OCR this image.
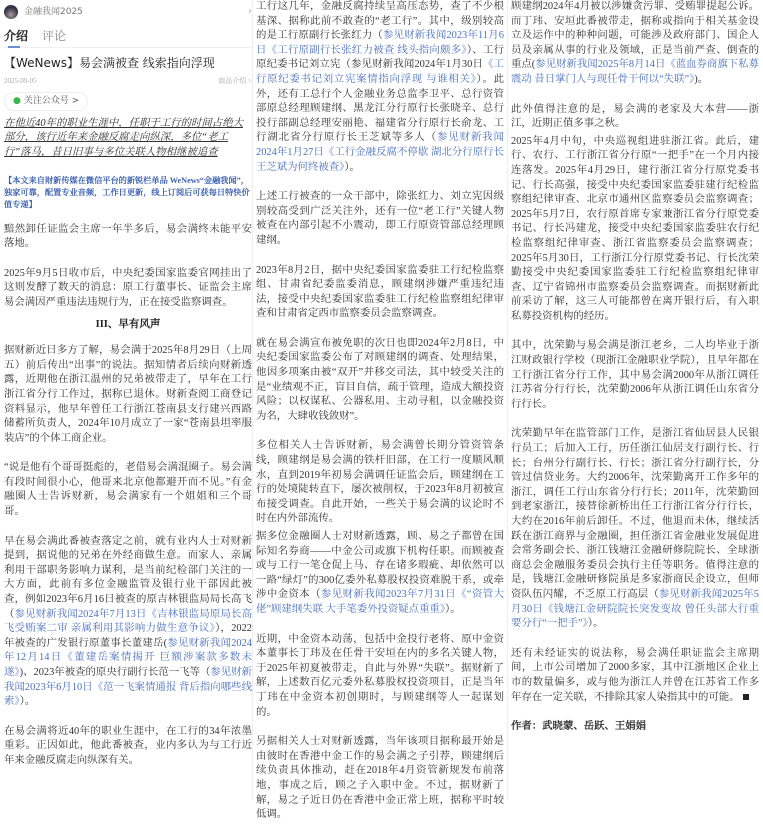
金融我闻2025	›
介绍 评论
【WeNews】易会满被查 线索指向浮现
2025-09-05	商品介绍 >
● 关注公众号 >
在他近40年的职业生涯中，任职于工行的时间占绝大部分，该行近年来金融反腐走向纵深，多位“老工行”落马，昔日旧事与多位关联人物相继被追查
【本文来自财新传媒在微信平台的新锐栏单品 WeNews“金融我闻”，独家可靠，配置专业音频，工作日更新，线上订阅后可获每日特快价值专递】

黯然卸任证监会主席一年半多后，易会满终未能平安落地。

2025年9月5日收市后，中央纪委国家监委官网挂出了这则发酵了数天的消息：原工行董事长、证监会主席易会满因严重违法违规行为，正在接受监察调查。

III、早有风声

据财新近日多方了解，易会满于2025年8月29日（上周五）前后传出“出事”的说法。据知情者后续向财新透露，近期他在浙江温州的兄弟被带走了，早年在工行浙江省分行工作过，据称已退休。财新查阅工商登记资料显示，他早年曾任工行浙江苍南县支行建兴西路储蓄所负责人，2024年10月成立了一家“苍南县坦率服装店”的个体工商企业。

“说是他有个哥哥挺彪的，老借易会满混圈子。易会满有段时间很小心，他哥来北京他都避开而不见。”有金融圈人士告诉财新，易会满家有一个姐姐和三个哥哥。

早在易会满此番被查落定之前，就有业内人士对财新提到，据说他的兄弟在外经商做生意。而家人、亲属利用干部职务影响力谋利，是当前纪检部门关注的一大方面，此前有多位金融监管及银行业干部因此被查，例如2023年6月16日被查的原吉林银监局局长高飞（参见财新我闻2024年7月13日《吉林银监局原局长高飞受贿案二审 亲属利用其影响力做生意争议》），2022年被查的广发银行原董事长董建岳(参见财新我闻2024年12月14日《董建岳案情揭开 巨额涉案款多数未遂》)、2023年被查的原央行副行长范一飞等（参见财新我闻2023年6月10日《范一飞案情通报 背后指向哪些线索》）。

在易会满将近40年的职业生涯中，在工行的34年浓墨重彩。正因如此，他此番被查，业内多认为与工行近年来金融反腐走向纵深有关。

工行这几年，金融反腐持续呈高压态势，查了不少根基深、据称此前不敢查的“老工行”。其中，级别较高的是工行原副行长张红力（参见财新我闻2023年11月6日《工行原副行长张红力被查 线头指向颇多》）、工行原纪委书记刘立宪（参见财新我闻2024年1月30日《工行原纪委书记刘立宪案情指向浮现 与谁相关》）。此外，还有工总行个人金融业务总监李卫平、总行资管部原总经理顾建纲、黑龙江分行原行长张晓辛、总行投行部副总经理安丽艳、福建省分行原行长俞龙、工行湖北省分行原行长王芝斌等多人（参见财新我闻2024年1月27日《工行金融反腐不停歇 湖北分行原行长王芝斌为何终被查》）。

上述工行被查的一众干部中，除张红力、刘立宪因级别较高受到广泛关注外，还有一位“老工行”关键人物被查在内部引起不小震动，即工行原资管部总经理顾建纲。

2023年8月2日，据中央纪委国家监委驻工行纪检监察组、甘肃省纪委监委消息，顾建纲涉嫌严重违纪违法，接受中央纪委国家监委驻工行纪检监察组纪律审查和甘肃省定西市监察委员会监察调查。

就在易会满宣布被免职的次日也即2024年2月8日，中央纪委国家监委公布了对顾建纲的调查、处理结果，他因多项案由被“双开”并移交司法，其中较受关注的是“业绩观不正，盲目自信，疏于管理，造成大额投资风险；以权谋私、公器私用、主动寻租，以金融投资为名，大肆收钱敛财”。

多位相关人士告诉财新，易会满曾长期分管资管条线，顾建纲是易会满的铁杆旧部，在工行一度顺风顺水，直到2019年初易会满调任证监会后，顾建纲在工行的处境陡转直下，屡次被削权，于2023年8月初被宣布接受调查。自此开始，一些关于易会满的议论时不时在内外部流传。

据多位金融圈人士对财新透露，顾、易之子都曾在国际知名券商——中金公司或旗下机构任职。而顾被查或与工行一笔仓促上马、存在诸多瑕疵、却依然可以一路“绿灯”的300亿委外私募股权投资难脱干系，或牵涉中金资本（参见财新我闻2023年7月31日《“资管大佬”顾建纲失联 大手笔委外投资疑点重重》）。

近期，中金资本动荡，包括中金投行老将、原中金资本董事长丁玮及在任骨干安垣在内的多名关键人物，于2025年初夏被带走，自此与外界“失联”。据财新了解，上述数百亿元委外私募股权投资项目，正是当年丁玮在中金资本初创期时，与顾建纲等人一起谋划的。

另据相关人士对财新透露，当年该项目据称最开始是由彼时在香港中金工作的易会满之子引荐，顾建纲后续负责具体推动，赶在2018年4月资管新规发布前落地，事成之后，顾之子入职中金。不过，据财新了解，易之子近日仍在香港中金正常上班，据称平时较低调。

顾建纲2024年4月被以涉嫌贪污罪、受贿罪提起公诉。而丁玮、安垣此番被带走，据称或指向于相关基金设立及运作中的种种问题，可能涉及政府部门、国企人员及亲属从事的行业及领域，正是当前严查、倒查的重点(参见财新我闻2025年8月14日《蓝血券商旗下私募震动 昔日掌门人与现任骨干何以“失联”》)。

此外值得注意的是，易会满的老家及大本营——浙江，近期正值多事之秋。

2025年4月中旬，中央巡视组进驻浙江省。此后，建行、农行、工行浙江省分行原“一把手”在一个月内接连落发。2025年4月29日，建行浙江省分行原党委书记、行长高强，接受中央纪委国家监委驻建行纪检监察组纪律审查、北京市通州区监察委员会监察调查；2025年5月7日，农行原首席专家兼浙江省分行原党委书记、行长冯建龙，接受中央纪委国家监委驻农行纪检监察组纪律审查、浙江省监察委员会监察调查；2025年5月30日，工行浙江分行原党委书记、行长沈荣勤接受中央纪委国家监委驻工行纪检监察组纪律审查、辽宁省锦州市监察委员会监察调查。而据财新此前采访了解，这三人可能都曾在离开银行后，有入职私募投资机构的经历。

其中，沈荣勤与易会满是浙江老乡，二人均毕业于浙江财政银行学校（现浙江金融职业学院），且早年都在工行浙江省分行工作，其中易会满2000年从浙江调任江苏省分行行长，沈荣勤2006年从浙江调任山东省分行行长。

沈荣勤早年在监管部门工作，是浙江省仙居县人民银行员工；后加入工行，历任浙江仙居支行副行长、行长；台州分行副行长、行长；浙江省分行副行长，分管过信贷业务。大约2006年，沈荣勤离开工作多年的浙江，调任工行山东省分行行长；2011年，沈荣勤回到老家浙江，接替徐新桥出任工行浙江省分行行长，大约在2016年前后卸任。不过，他退而未休，继续活跃在浙江商界与金融圈，担任浙江省金融业发展促进会常务副会长、浙江钱塘江金融研修院院长、全球浙商总会金融服务委员会执行主任等职务。值得注意的是，钱塘江金融研修院虽是多家浙商民企设立，但师资队伍闪耀，不乏原工行高层（参见财新我闻2025年5月30日《钱塘江金研院院长突发变故 曾任头部大行重要分行“一把手”》）。

还有未经证实的说法称，易会满任职证监会主席期间，上市公司增加了2000多家，其中江浙地区企业上市的数量偏多，或与他为浙江人并曾在江苏省工作多年存在一定关联，不排除其家人染指其中的可能。

作者：武晓蒙、岳跃、王娟娟
